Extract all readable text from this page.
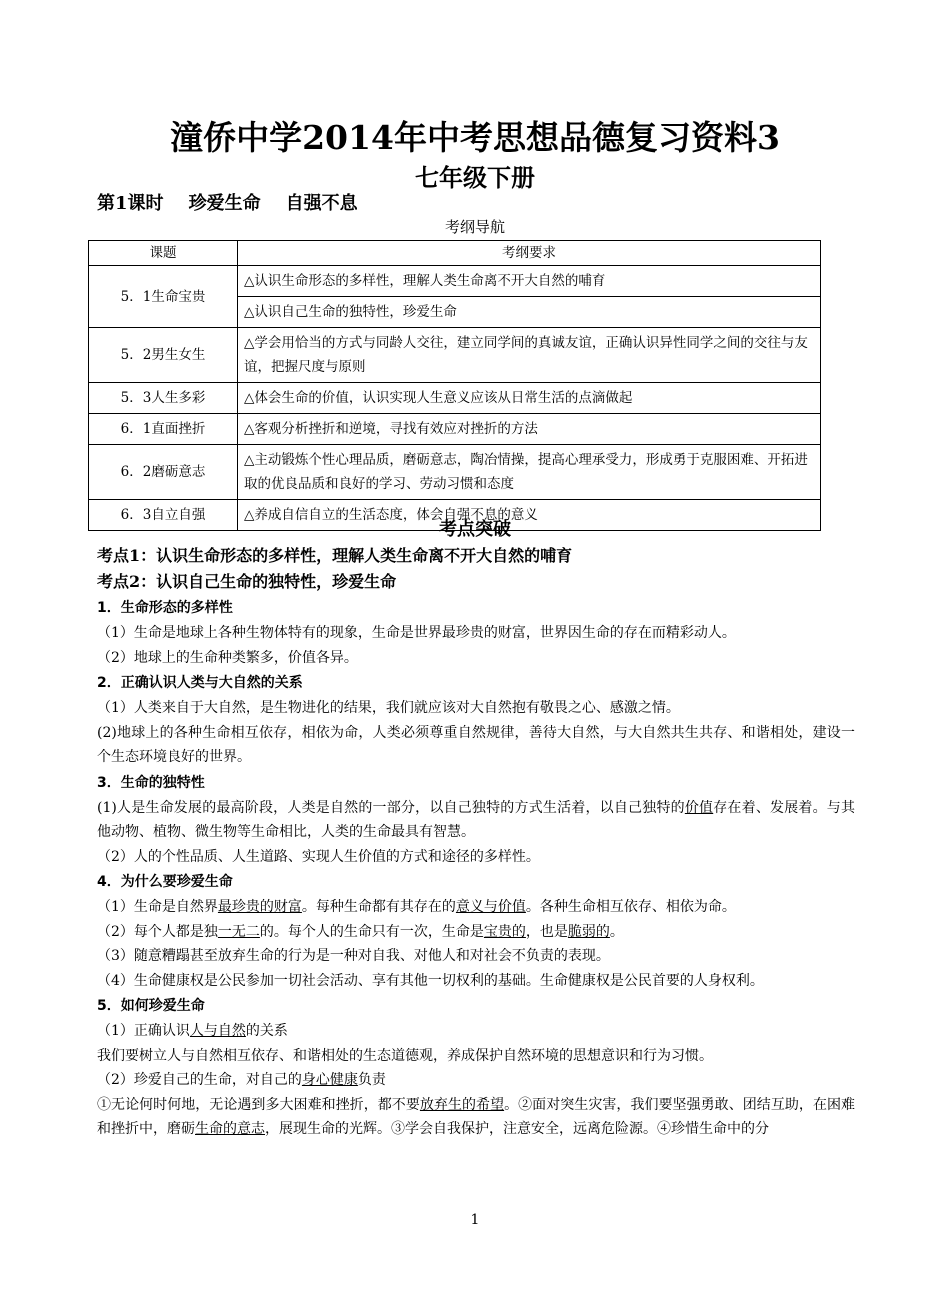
潼侨中学2014年中考思想品德复习资料3
七年级下册
第1课时    珍爱生命    自强不息
考纲导航
课题	考纲要求
5．1生命宝贵	△认识生命形态的多样性，理解人类生命离不开大自然的哺育
	△认识自己生命的独特性，珍爱生命
5．2男生女生	△学会用恰当的方式与同龄人交往，建立同学间的真诚友谊，正确认识异性同学之间的交往与友谊，把握尺度与原则
5．3人生多彩	△体会生命的价值，认识实现人生意义应该从日常生活的点滴做起
6．1直面挫折	△客观分析挫折和逆境，寻找有效应对挫折的方法
6．2磨砺意志	△主动锻炼个性心理品质，磨砺意志，陶冶情操，提高心理承受力，形成勇于克服困难、开拓进取的优良品质和良好的学习、劳动习惯和态度
6．3自立自强	△养成自信自立的生活态度，体会自强不息的意义
考点突破
考点1：认识生命形态的多样性，理解人类生命离不开大自然的哺育
考点2：认识自己生命的独特性，珍爱生命
1．生命形态的多样性
（1）生命是地球上各种生物体特有的现象，生命是世界最珍贵的财富，世界因生命的存在而精彩动人。
（2）地球上的生命种类繁多，价值各异。
2．正确认识人类与大自然的关系
（1）人类来自于大自然，是生物进化的结果，我们就应该对大自然抱有敬畏之心、感激之情。
(2)地球上的各种生命相互依存，相依为命，人类必须尊重自然规律，善待大自然，与大自然共生共存、和谐相处，建设一个生态环境良好的世界。
3．生命的独特性
(1)人是生命发展的最高阶段，人类是自然的一部分，以自己独特的方式生活着，以自己独特的价值存在着、发展着。与其他动物、植物、微生物等生命相比，人类的生命最具有智慧。
（2）人的个性品质、人生道路、实现人生价值的方式和途径的多样性。
4．为什么要珍爱生命
（1）生命是自然界最珍贵的财富。每种生命都有其存在的意义与价值。各种生命相互依存、相依为命。
（2）每个人都是独一无二的。每个人的生命只有一次，生命是宝贵的，也是脆弱的。
（3）随意糟蹋甚至放弃生命的行为是一种对自我、对他人和对社会不负责的表现。
（4）生命健康权是公民参加一切社会活动、享有其他一切权利的基础。生命健康权是公民首要的人身权利。
5．如何珍爱生命
（1）正确认识人与自然的关系
我们要树立人与自然相互依存、和谐相处的生态道德观，养成保护自然环境的思想意识和行为习惯。
（2）珍爱自己的生命，对自己的身心健康负责
①无论何时何地，无论遇到多大困难和挫折，都不要放弃生的希望。②面对突生灾害，我们要坚强勇敢、团结互助，在困难和挫折中，磨砺生命的意志，展现生命的光辉。③学会自我保护，注意安全，远离危险源。④珍惜生命中的分
1
